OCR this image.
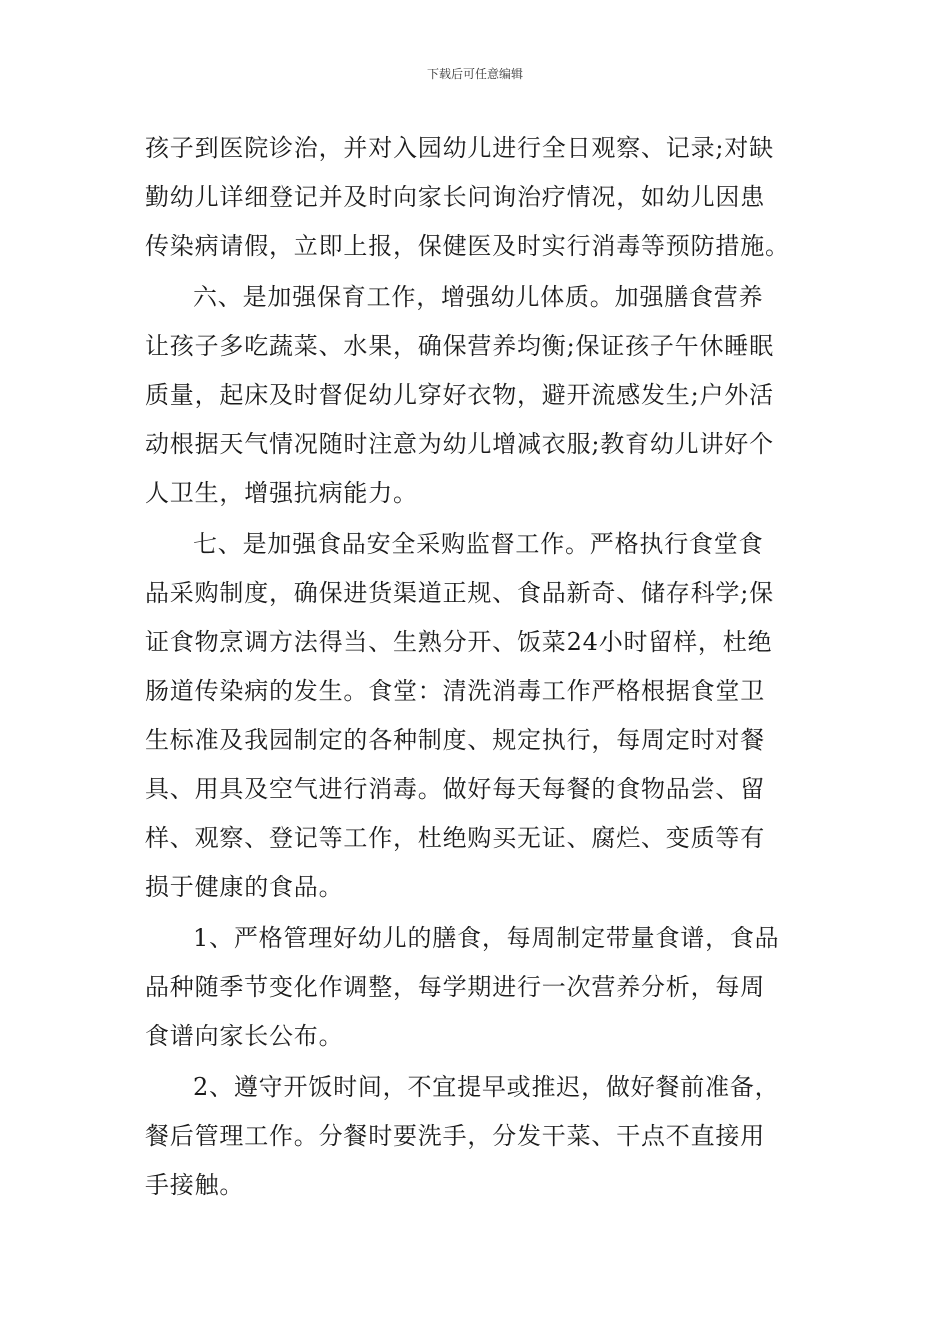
下载后可任意编辑
孩子到医院诊治，并对入园幼儿进行全日观察、记录;对缺
勤幼儿详细登记并及时向家长问询治疗情况，如幼儿因患
传染病请假，立即上报，保健医及时实行消毒等预防措施。
六、是加强保育工作，增强幼儿体质。加强膳食营养
让孩子多吃蔬菜、水果，确保营养均衡;保证孩子午休睡眠
质量，起床及时督促幼儿穿好衣物，避开流感发生;户外活
动根据天气情况随时注意为幼儿增减衣服;教育幼儿讲好个
人卫生，增强抗病能力。
七、是加强食品安全采购监督工作。严格执行食堂食
品采购制度，确保进货渠道正规、食品新奇、储存科学;保
证食物烹调方法得当、生熟分开、饭菜24小时留样，杜绝
肠道传染病的发生。食堂：清洗消毒工作严格根据食堂卫
生标准及我园制定的各种制度、规定执行，每周定时对餐
具、用具及空气进行消毒。做好每天每餐的食物品尝、留
样、观察、登记等工作，杜绝购买无证、腐烂、变质等有
损于健康的食品。
1、严格管理好幼儿的膳食，每周制定带量食谱，食品
品种随季节变化作调整，每学期进行一次营养分析，每周
食谱向家长公布。
2、遵守开饭时间，不宜提早或推迟，做好餐前准备，
餐后管理工作。分餐时要洗手，分发干菜、干点不直接用
手接触。
